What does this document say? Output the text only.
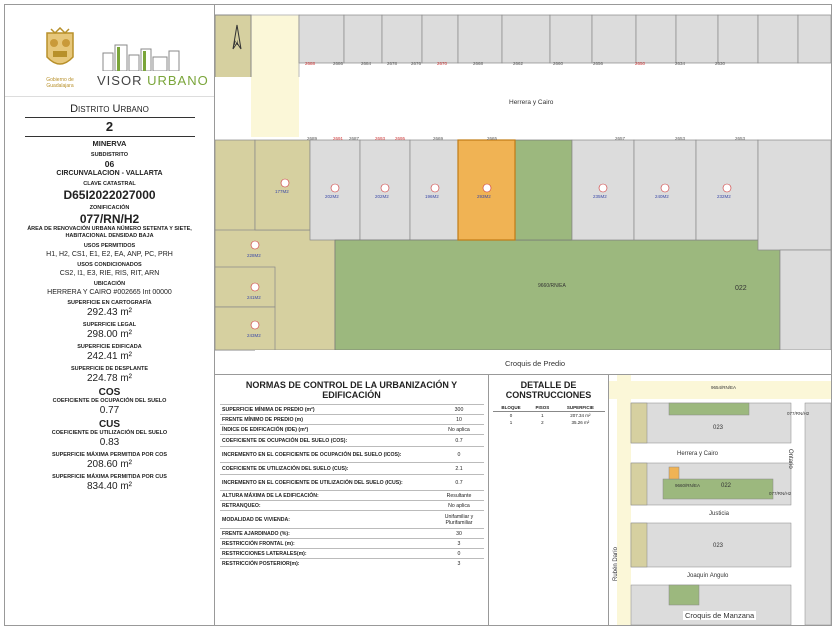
Gobierno de Guadalajara	VISOR URBANO
Distrito Urbano
2
MINERVA
SUBDISTRITO
06
CIRCUNVALACION - VALLARTA
CLAVE CATASTRAL
D65I2022027000
ZONIFICACIÓN
077/RN/H2
ÁREA DE RENOVACIÓN URBANA NÚMERO SETENTA Y SIETE, HABITACIONAL DENSIDAD BAJA
USOS PERMITIDOS
H1, H2, CS1, E1, E2, EA, ANP, PC, PRH
USOS CONDICIONADOS
CS2, I1, E3, RIE, RIS, RIT, ARN
UBICACIÓN
HERRERA Y CAIRO #002665 Int 00000
SUPERFICIE EN CARTOGRAFÍA
292.43 m²
SUPERFICIE LEGAL
298.00 m²
SUPERFICIE EDIFICADA
242.41 m²
SUPERFICIE DE DESPLANTE
224.78 m²
COS
COEFICIENTE DE OCUPACIÓN DEL SUELO
0.77
CUS
COEFICIENTE DE UTILIZACIÓN DEL SUELO
0.83
SUPERFICIE MÁXIMA PERMITIDA POR COS
208.60 m²
SUPERFICIE MÁXIMA PERMITIDA POR CUS
834.40 m²
N
Herrera y Cairo
2688	2686	2684	2678	2676	2670	2668	2662	2660	2656	2650	2634	2630
2689	2691 2687	2693 2695	2669	2665	2657	2653	2653
177M2
202M2	202M2	196M2	293M2	235M2	240M2	232M2
228M2
241M2
243M2
9660/RN/EA	022
Croquis de Predio
NORMAS DE CONTROL DE LA URBANIZACIÓN Y EDIFICACIÓN
SUPERFICIE MÍNIMA DE PREDIO (m²)	300
FRENTE MÍNIMO DE PREDIO (m)	10
ÍNDICE DE EDIFICACIÓN (IDE) (m²)	No aplica
COEFICIENTE DE OCUPACIÓN DEL SUELO (COS):	0.7
INCREMENTO EN EL COEFICIENTE DE OCUPACIÓN DEL SUELO (ICOS):	0
COEFICIENTE DE UTILIZACIÓN DEL SUELO (CUS):	2.1
INCREMENTO EN EL COEFICIENTE DE UTILIZACIÓN DEL SUELO (ICUS):	0.7
ALTURA MÁXIMA DE LA EDIFICACIÓN:	Resultante
RETRANQUEO:	No aplica
MODALIDAD DE VIVIENDA:	Unifamiliar y Plurifamiliar
FRENTE AJARDINADO (%):	30
RESTRICCIÓN FRONTAL (m):	3
RESTRICCIONES LATERALES(m):	0
RESTRICCIÓN POSTERIOR(m):	3
DETALLE DE CONSTRUCCIONES
BLOQUE	PISOS	SUPERFICIE
0	1	207.34 m²
1	2	35.26 m²
9654/RN/EA
077/RN/H2
023
Herrera y Cairo
9660/RN/EA	022
077/RN/H2
Justicia
023
Joaquín Angulo
Rubén Darío
Ontario
Croquis de Manzana
